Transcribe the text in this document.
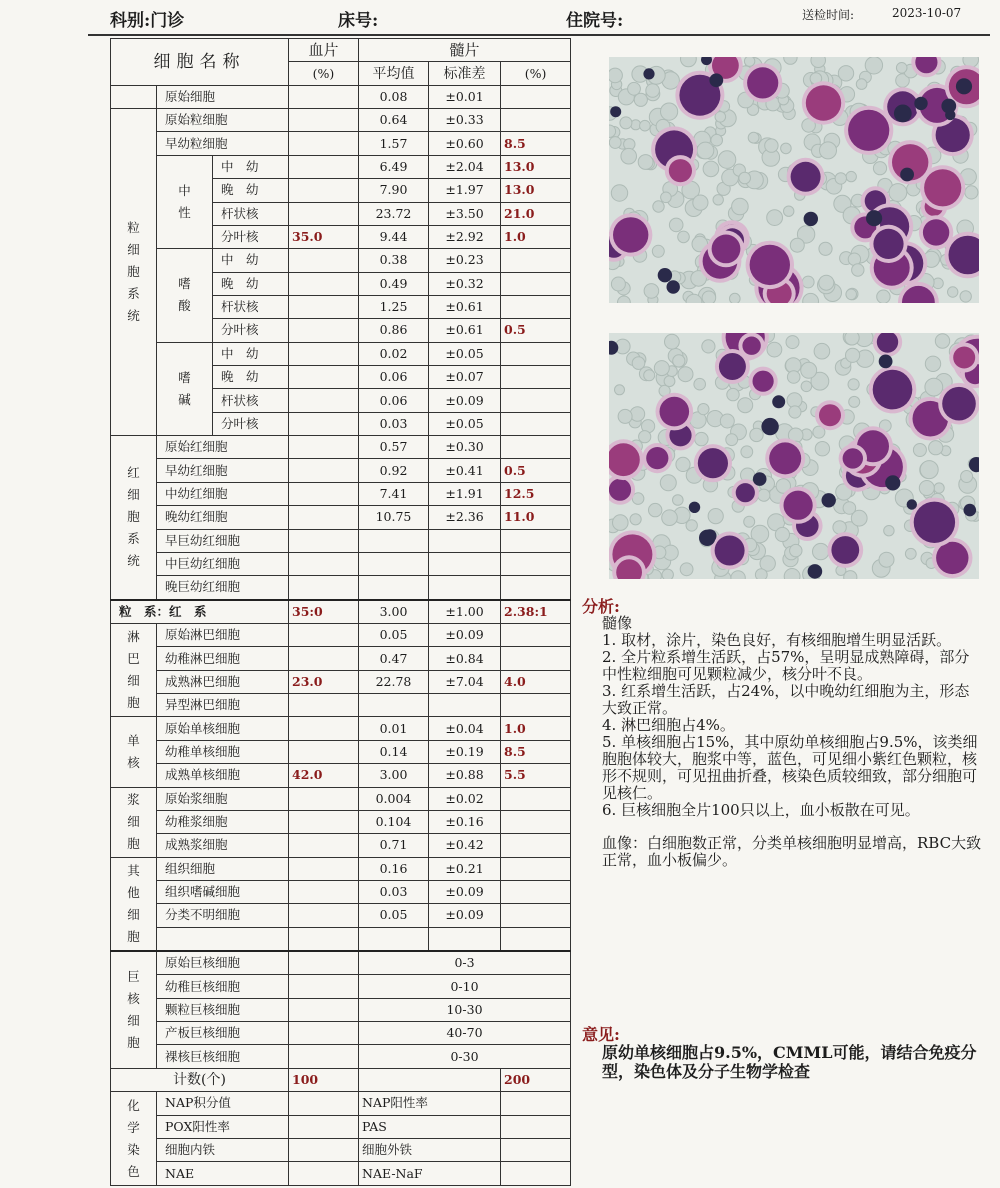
科别:门诊	床号:	住院号:	送检时间:	2023-10-07
细胞名称			血片	髓片		
			(%)	平均值	标准差	(%)
	原始细胞			0.08	±0.01	
粒
细
胞
系
统	原始粒细胞			0.64	±0.33	
	早幼粒细胞			1.57	±0.60	8.5
	中
性	中　幼		6.49	±2.04	13.0
		晚　幼		7.90	±1.97	13.0
		杆状核		23.72	±3.50	21.0
		分叶核	35.0	9.44	±2.92	1.0
	嗜
酸	中　幼		0.38	±0.23	
		晚　幼		0.49	±0.32	
		杆状核		1.25	±0.61	
		分叶核		0.86	±0.61	0.5
	嗜
碱	中　幼		0.02	±0.05	
		晚　幼		0.06	±0.07	
		杆状核		0.06	±0.09	
		分叶核		0.03	±0.05	
红
细
胞
系
统	原始红细胞			0.57	±0.30	
	早幼红细胞			0.92	±0.41	0.5
	中幼红细胞			7.41	±1.91	12.5
	晚幼红细胞			10.75	±2.36	11.0
	早巨幼红细胞					
	中巨幼红细胞					
	晚巨幼红细胞					
粒　系：红　系			35:0	3.00	±1.00	2.38:1
淋
巴
细
胞	原始淋巴细胞			0.05	±0.09	
	幼稚淋巴细胞			0.47	±0.84	
	成熟淋巴细胞		23.0	22.78	±7.04	4.0
	异型淋巴细胞					
单
核	原始单核细胞			0.01	±0.04	1.0
	幼稚单核细胞			0.14	±0.19	8.5
	成熟单核细胞		42.0	3.00	±0.88	5.5
浆
细
胞	原始浆细胞			0.004	±0.02	
	幼稚浆细胞			0.104	±0.16	
	成熟浆细胞			0.71	±0.42	
其
他
细
胞	组织细胞			0.16	±0.21	
	组织嗜碱细胞			0.03	±0.09	
	分类不明细胞			0.05	±0.09	

巨
核
细
胞	原始巨核细胞			0-3		
	幼稚巨核细胞			0-10		
	颗粒巨核细胞			10-30		
	产板巨核细胞			40-70		
	裸核巨核细胞			0-30		
计数(个)			100			200
化
学
染
色	NAP积分值			NAP阳性率		
	POX阳性率			PAS		
	细胞内铁			细胞外铁		
	NAE			NAE-NaF		

分析:

髓像

1. 取材，涂片，染色良好，有核细胞增生明显活跃。

2. 全片粒系增生活跃，占57%，呈明显成熟障碍，部分中性粒细胞可见颗粒减少，核分叶不良。

3. 红系增生活跃，占24%，以中晚幼红细胞为主，形态大致正常。

4. 淋巴细胞占4%。

5. 单核细胞占15%，其中原幼单核细胞占9.5%，该类细胞胞体较大，胞浆中等，蓝色，可见细小紫红色颗粒，核形不规则，可见扭曲折叠，核染色质较细致，部分细胞可见核仁。

6. 巨核细胞全片100只以上，血小板散在可见。

血像：白细胞数正常，分类单核细胞明显增高，RBC大致正常，血小板偏少。

意见:

原幼单核细胞占9.5%，CMML可能，请结合免疫分型，染色体及分子生物学检查
